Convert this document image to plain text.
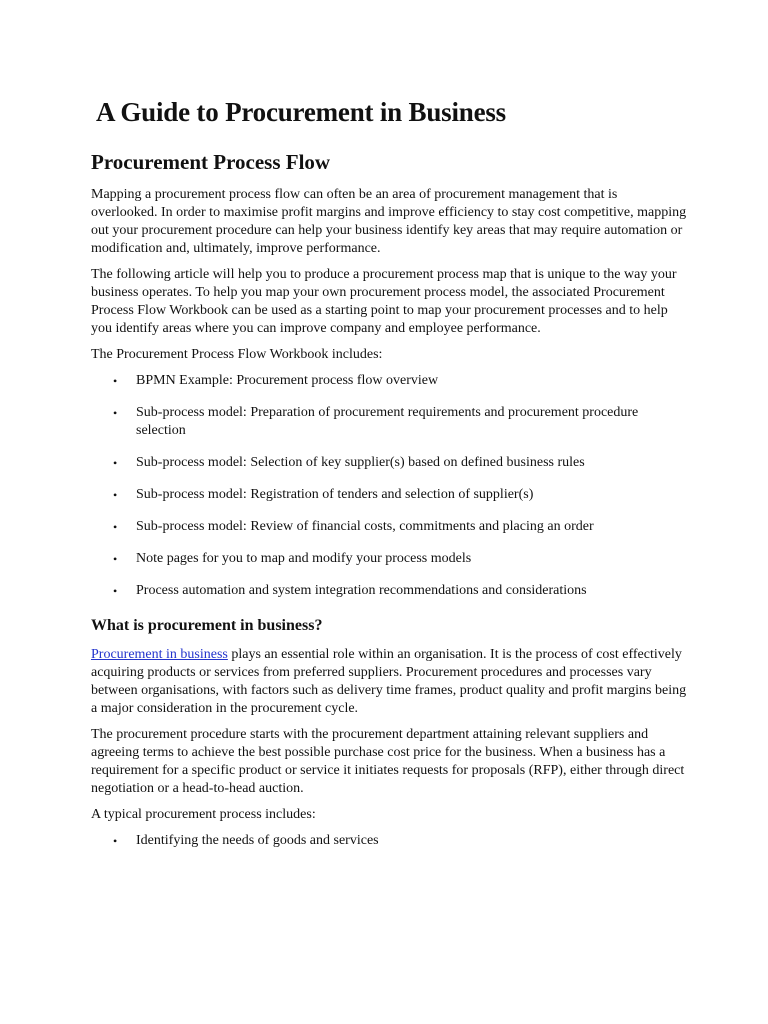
A Guide to Procurement in Business
Procurement Process Flow

Mapping a procurement process flow can often be an area of procurement management that is overlooked. In order to maximise profit margins and improve efficiency to stay cost competitive, mapping out your procurement procedure can help your business identify key areas that may require automation or modification and, ultimately, improve performance.

The following article will help you to produce a procurement process map that is unique to the way your business operates. To help you map your own procurement process model, the associated Procurement Process Flow Workbook can be used as a starting point to map your procurement processes and to help you identify areas where you can improve company and employee performance.

The Procurement Process Flow Workbook includes:

• BPMN Example: Procurement process flow overview
• Sub-process model: Preparation of procurement requirements and procurement procedure selection
• Sub-process model: Selection of key supplier(s) based on defined business rules
• Sub-process model: Registration of tenders and selection of supplier(s)
• Sub-process model: Review of financial costs, commitments and placing an order
• Note pages for you to map and modify your process models
• Process automation and system integration recommendations and considerations
What is procurement in business?

Procurement in business plays an essential role within an organisation. It is the process of cost effectively acquiring products or services from preferred suppliers. Procurement procedures and processes vary between organisations, with factors such as delivery time frames, product quality and profit margins being a major consideration in the procurement cycle.

The procurement procedure starts with the procurement department attaining relevant suppliers and agreeing terms to achieve the best possible purchase cost price for the business. When a business has a requirement for a specific product or service it initiates requests for proposals (RFP), either through direct negotiation or a head-to-head auction.

A typical procurement process includes:

• Identifying the needs of goods and services
